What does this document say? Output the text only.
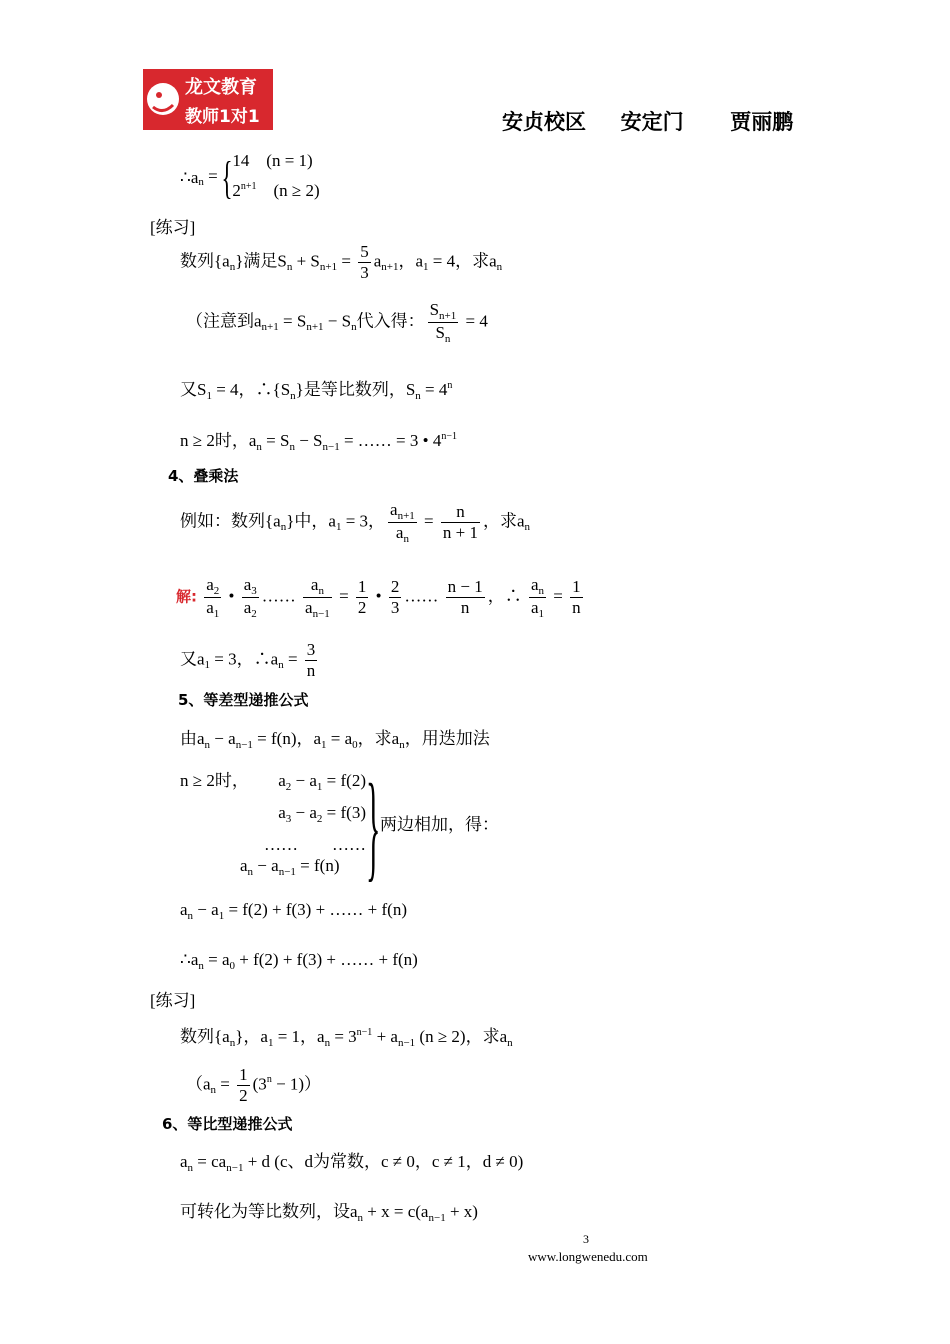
龙文教育
教师1对1	安贞校区 安定门 贾丽鹏
$\therefore a_n$ = { 14　(n = 1)
$2^{n+1}$　 (n ≥ 2)
[练习]
数列$\{a_n\}$满足$S_n + S_{n+1} = \frac{5}{3} a_{n+1}$，$a_1 = 4$，求$a_n$
（注意到$a_{n+1} = S_{n+1} - S_n$代入得： $\frac{S_{n+1}}{S_n} = 4$
又$S_1 = 4$，$\therefore\{S_n\}$是等比数列，$S_n = 4^n$
n ≥ 2时，$a_n = S_n - S_{n-1}$ = …… = 3 • $4^{n-1}$
4、叠乘法
例如：数列$\{a_n\}$中，$a_1 = 3$， $\frac{a_{n+1}}{a_n} = \frac{n}{n + 1}$ ，求$a_n$
解: $\frac{a_2}{a_1}$ • $\frac{a_3}{a_2}$ …… $\frac{a_n}{a_{n-1}} = \frac{1}{2}$ • $\frac{2}{3}$ …… $\frac{n - 1}{n}$ ，∴ $\frac{a_n}{a_1} = \frac{1}{n}$
又$a_1 = 3$，$\therefore a_n = \frac{3}{n}$
5、等差型递推公式
由$a_n - a_{n-1} = f(n)$，$a_1 = a_0$，求$a_n$，用迭加法
n ≥ 2时，	$a_2 - a_1 = f(2)$
$a_3 - a_2 = f(3)$
……　　……
$a_n - a_{n-1} = f(n)$ } 两边相加，得：
$a_n - a_1 = f(2) + f(3)$ + …… + f(n)
$\therefore a_n = a_0 + f(2) + f(3)$ + …… + f(n)
[练习]
数列$\{a_n\}$，$a_1 = 1$，$a_n = 3^{n-1} + a_{n-1}$ (n ≥ 2)，求$a_n$
$(a_n = \frac{1}{2} (3^n - 1))$
6、等比型递推公式
$a_n = ca_{n-1} + d$ (c、d为常数，c ≠ 0，c ≠ 1，d ≠ 0)
可转化为等比数列，设$a_n + x = c(a_{n-1} + x)$
3
www.longwenedu.com
